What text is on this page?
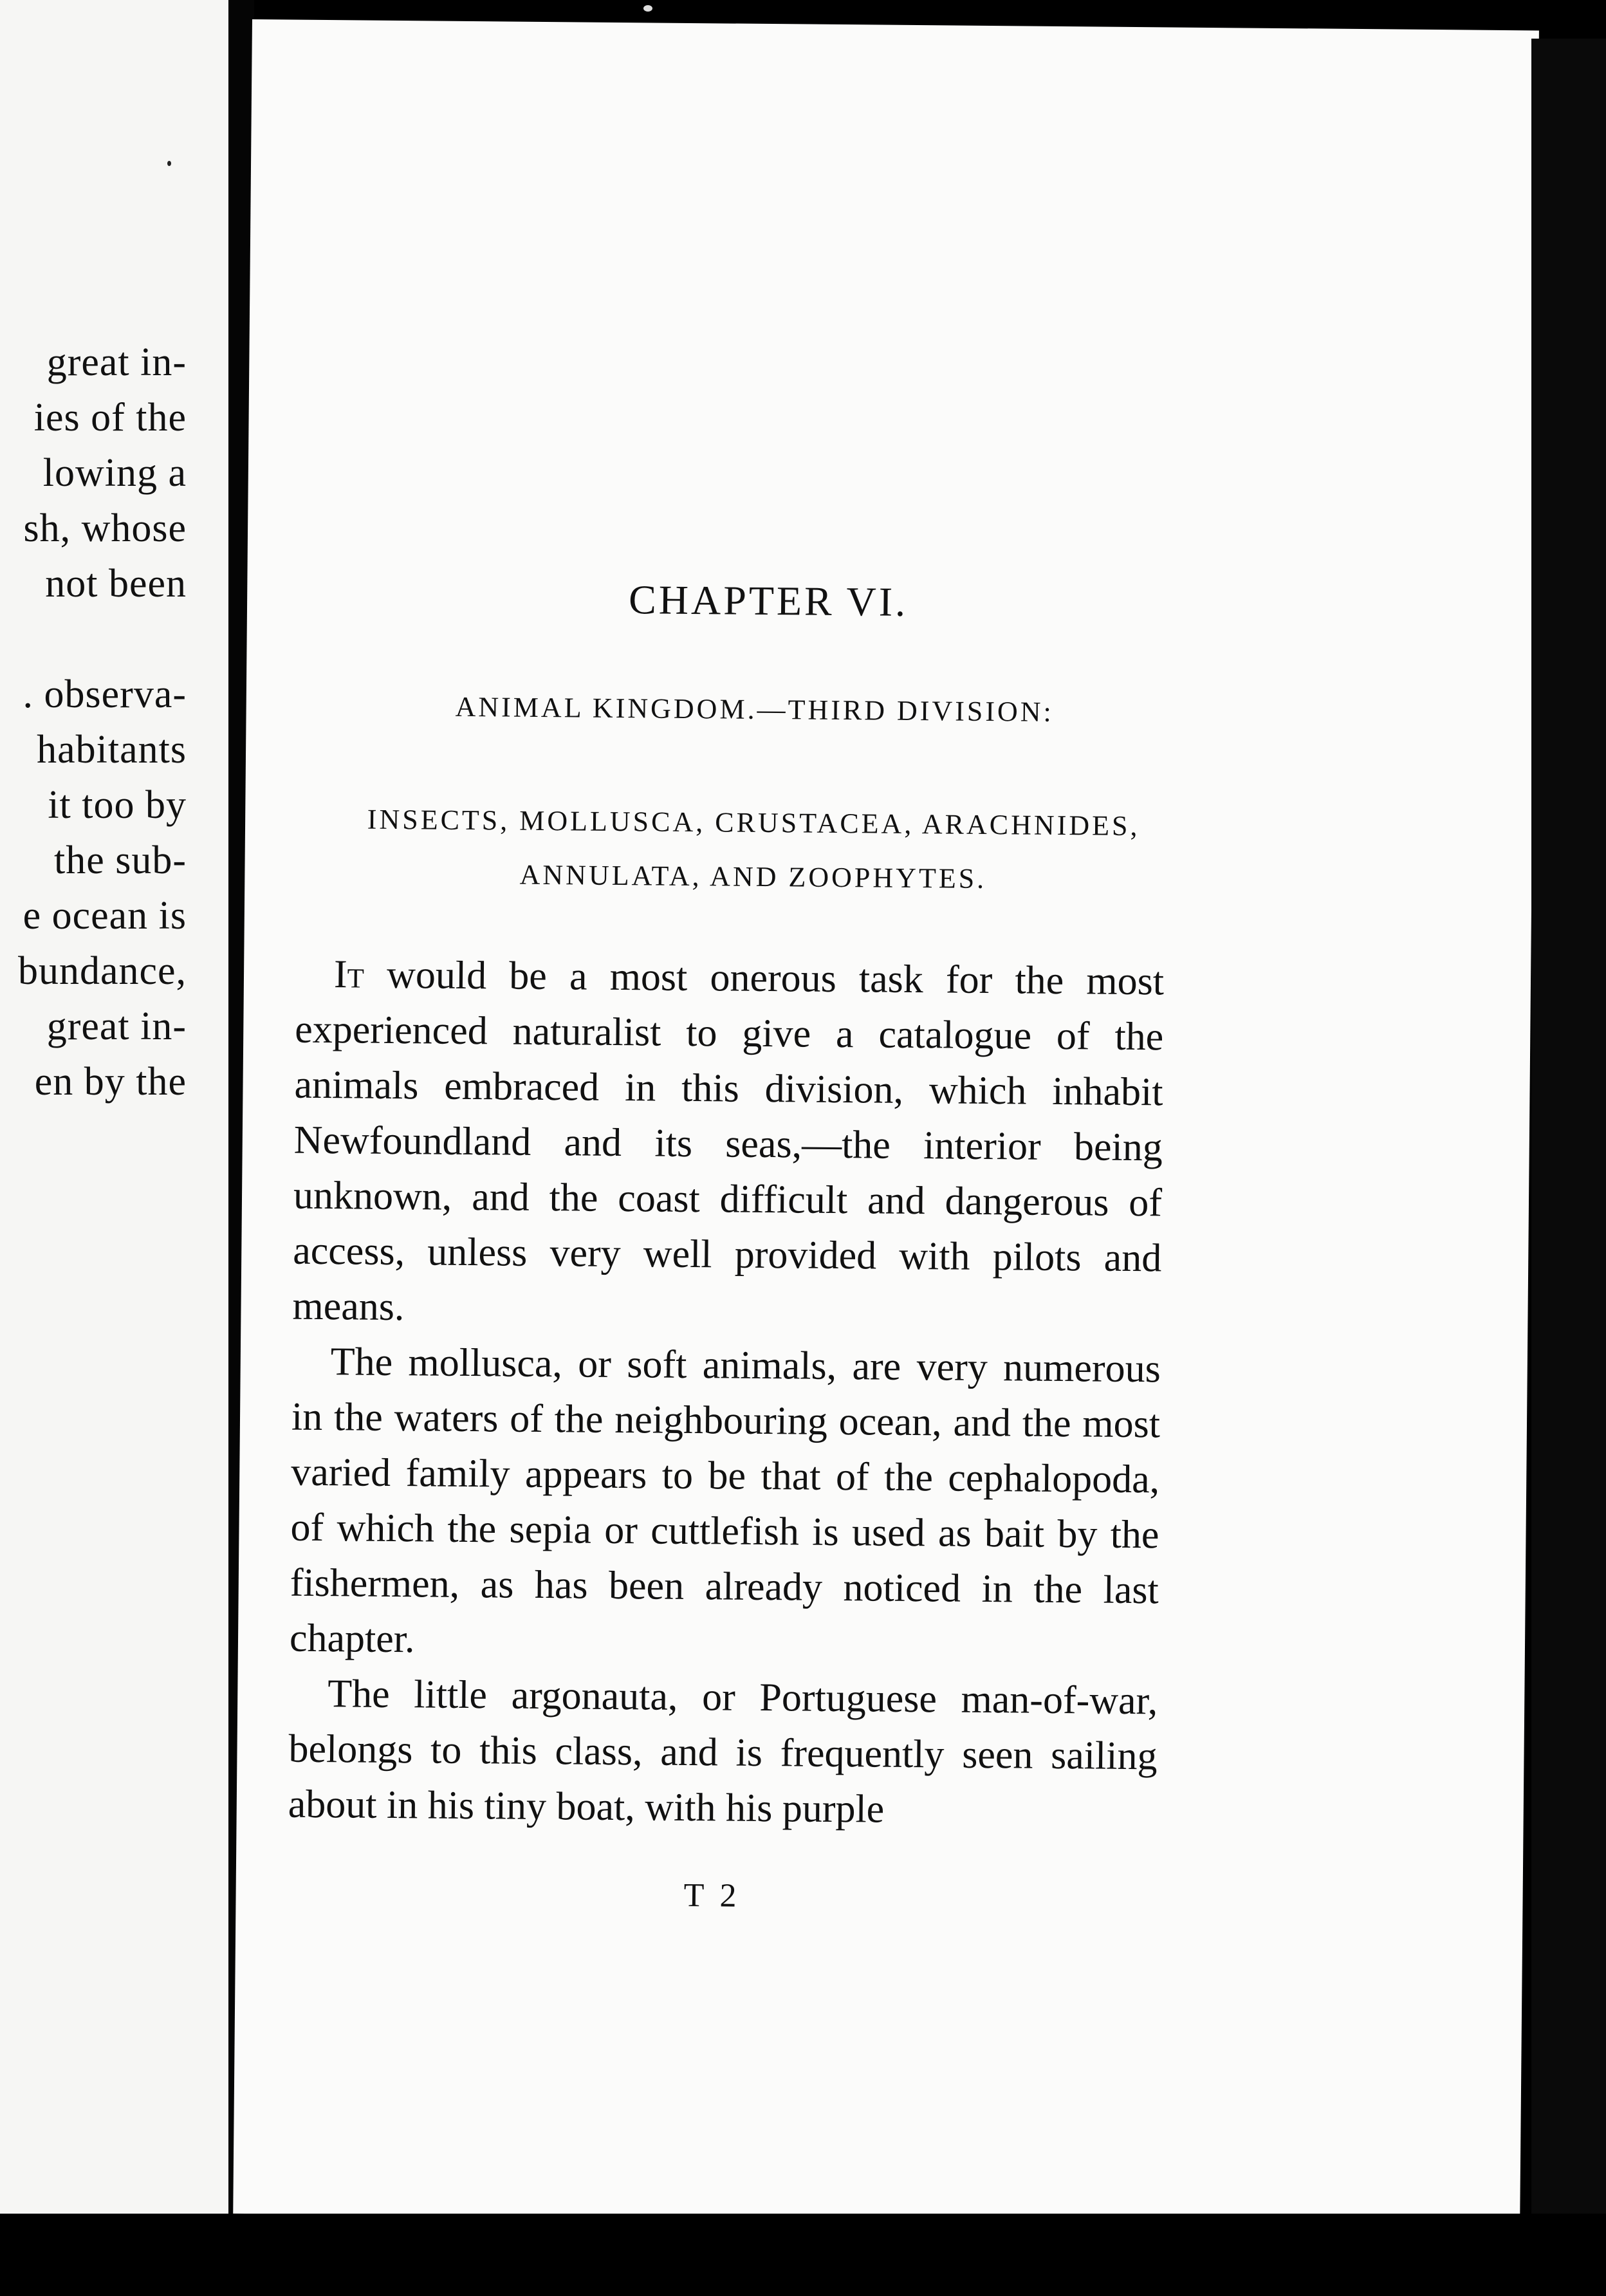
great in-
ies of the
lowing a
sh, whose
not been
. observa-
habitants
it too by
the sub-
e ocean is
bundance,
great in-
en by the
CHAPTER VI.
ANIMAL KINGDOM.—THIRD DIVISION:
INSECTS, MOLLUSCA, CRUSTACEA, ARACHNIDES,
ANNULATA, AND ZOOPHYTES.

It would be a most onerous task for the most experienced naturalist to give a catalogue of the animals embraced in this division, which inhabit Newfoundland and its seas,—the interior being unknown, and the coast difficult and dangerous of access, unless very well provided with pilots and means.

The mollusca, or soft animals, are very numerous in the waters of the neighbouring ocean, and the most varied family appears to be that of the cephalopoda, of which the sepia or cuttlefish is used as bait by the fishermen, as has been already noticed in the last chapter.

The little argonauta, or Portuguese man-of-war, belongs to this class, and is frequently seen sailing about in his tiny boat, with his purple

T 2
